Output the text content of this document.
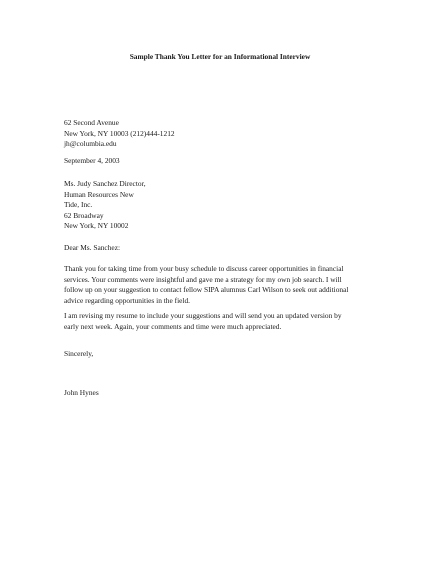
Sample Thank You Letter for an Informational Interview
62 Second Avenue
New York, NY 10003 (212)444-1212
jh@columbia.edu
September 4, 2003
Ms. Judy Sanchez Director,
Human Resources New
Tide, Inc.
62 Broadway
New York, NY 10002
Dear Ms. Sanchez:
Thank you for taking time from your busy schedule to discuss career opportunities in financial
services. Your comments were insightful and gave me a strategy for my own job search. I will
follow up on your suggestion to contact fellow SIPA alumnus Carl Wilson to seek out additional
advice regarding opportunities in the field.
I am revising my resume to include your suggestions and will send you an updated version by
early next week. Again, your comments and time were much appreciated.
Sincerely,
John Hynes
